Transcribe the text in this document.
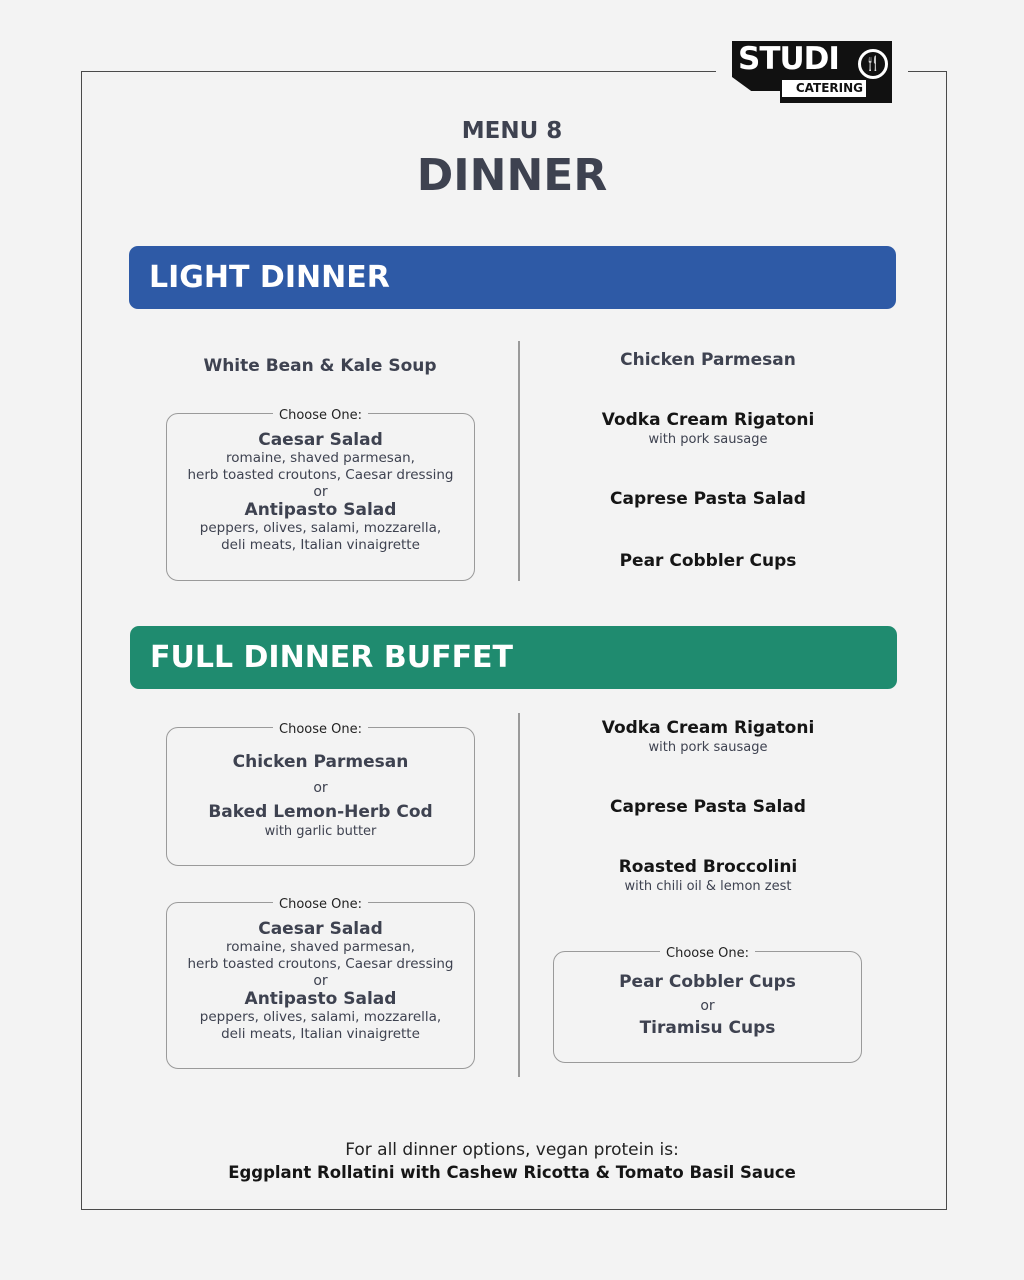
STUDI	🍴
CATERING
MENU 8
DINNER
LIGHT DINNER
White Bean & Kale Soup
Choose One:
Caesar Salad
romaine, shaved parmesan,
herb toasted croutons, Caesar dressing
or
Antipasto Salad
peppers, olives, salami, mozzarella,
deli meats, Italian vinaigrette
Chicken Parmesan
Vodka Cream Rigatoni
with pork sausage
Caprese Pasta Salad
Pear Cobbler Cups
FULL DINNER BUFFET
Choose One:
Chicken Parmesan
or
Baked Lemon-Herb Cod
with garlic butter
Choose One:
Caesar Salad
romaine, shaved parmesan,
herb toasted croutons, Caesar dressing
or
Antipasto Salad
peppers, olives, salami, mozzarella,
deli meats, Italian vinaigrette
Vodka Cream Rigatoni
with pork sausage
Caprese Pasta Salad
Roasted Broccolini
with chili oil & lemon zest
Choose One:
Pear Cobbler Cups
or
Tiramisu Cups
For all dinner options, vegan protein is:
Eggplant Rollatini with Cashew Ricotta & Tomato Basil Sauce
